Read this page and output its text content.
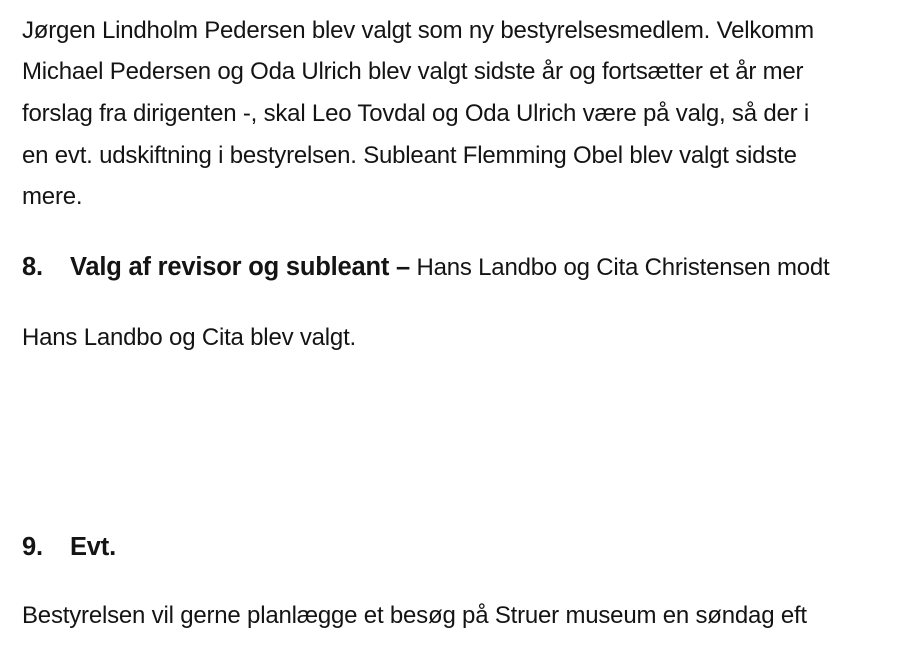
Jørgen Lindholm Pedersen blev valgt som ny bestyrelsesmedlem. Velkomm
Michael Pedersen og Oda Ulrich blev valgt sidste år og fortsætter et år mer
forslag fra dirigenten -, skal Leo Tovdal og Oda Ulrich være på valg, så der i
en evt. udskiftning i bestyrelsen. Subleant Flemming Obel blev valgt sidste
mere.
8. Valg af revisor og subleant – Hans Landbo og Cita Christensen modt
Hans Landbo og Cita blev valgt.
9. Evt.
Bestyrelsen vil gerne planlægge et besøg på Struer museum en søndag eft
